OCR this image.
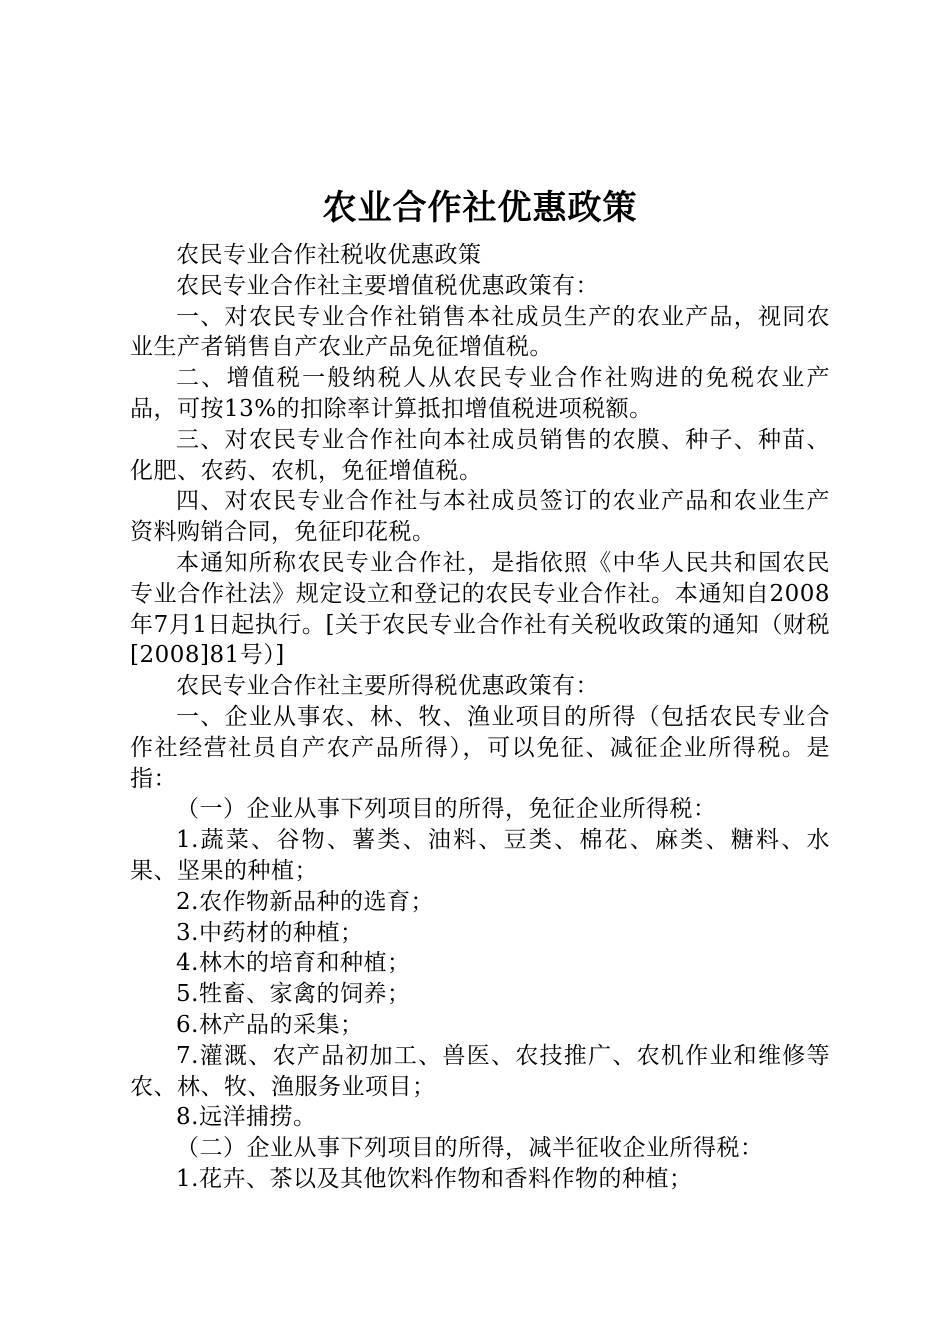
农业合作社优惠政策

农民专业合作社税收优惠政策

农民专业合作社主要增值税优惠政策有：

一、对农民专业合作社销售本社成员生产的农业产品，视同农业生产者销售自产农业产品免征增值税。

二、增值税一般纳税人从农民专业合作社购进的免税农业产品，可按13%的扣除率计算抵扣增值税进项税额。

三、对农民专业合作社向本社成员销售的农膜、种子、种苗、化肥、农药、农机，免征增值税。

四、对农民专业合作社与本社成员签订的农业产品和农业生产资料购销合同，免征印花税。

本通知所称农民专业合作社，是指依照《中华人民共和国农民专业合作社法》规定设立和登记的农民专业合作社。本通知自2008年7月1日起执行。[关于农民专业合作社有关税收政策的通知（财税[2008]81号）]

农民专业合作社主要所得税优惠政策有：

一、企业从事农、林、牧、渔业项目的所得（包括农民专业合作社经营社员自产农产品所得），可以免征、减征企业所得税。是指：

（一）企业从事下列项目的所得，免征企业所得税：

1.蔬菜、谷物、薯类、油料、豆类、棉花、麻类、糖料、水果、坚果的种植；

2.农作物新品种的选育；

3.中药材的种植；

4.林木的培育和种植；

5.牲畜、家禽的饲养；

6.林产品的采集；

7.灌溉、农产品初加工、兽医、农技推广、农机作业和维修等农、林、牧、渔服务业项目；

8.远洋捕捞。

（二）企业从事下列项目的所得，减半征收企业所得税：

1.花卉、茶以及其他饮料作物和香料作物的种植；
